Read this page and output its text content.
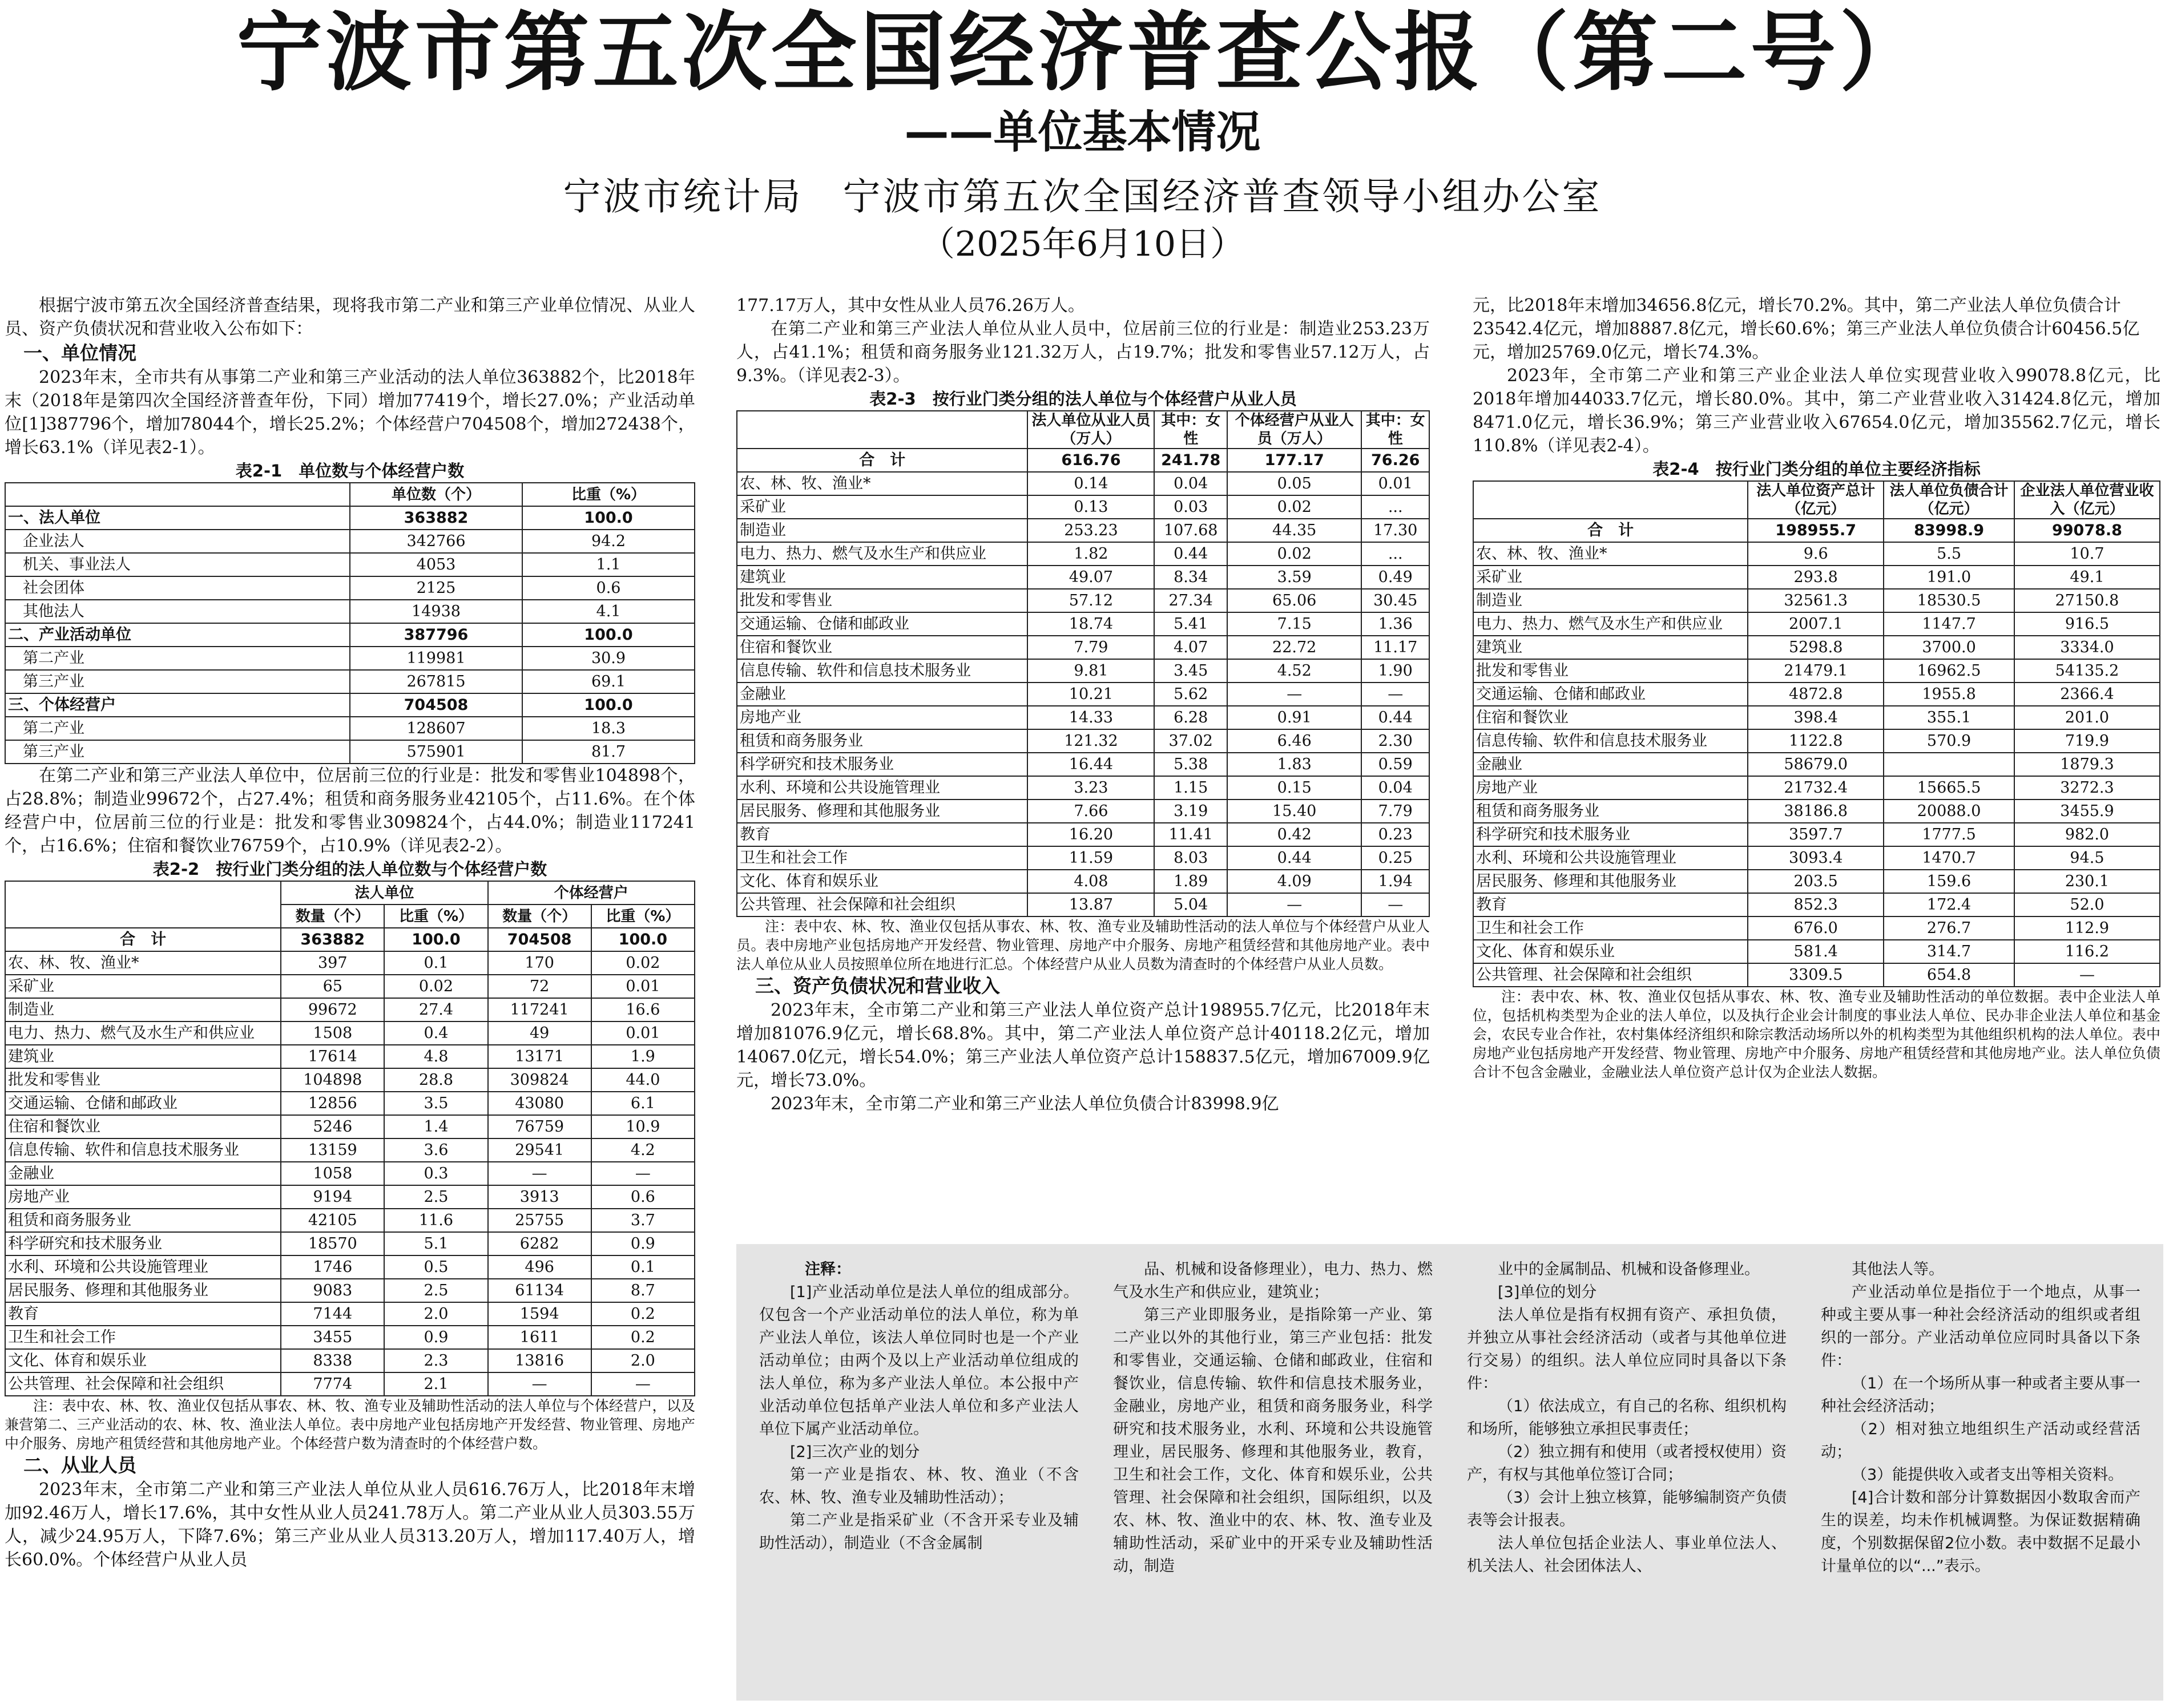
宁波市第五次全国经济普查公报（第二号）
——单位基本情况
宁波市统计局　宁波市第五次全国经济普查领导小组办公室
（2025年6月10日）

根据宁波市第五次全国经济普查结果，现将我市第二产业和第三产业单位情况、从业人员、资产负债状况和营业收入公布如下：

一、单位情况

2023年末，全市共有从事第二产业和第三产业活动的法人单位363882个，比2018年末（2018年是第四次全国经济普查年份，下同）增加77419个，增长27.0%；产业活动单位[1]387796个，增加78044个，增长25.2%；个体经营户704508个，增加272438个，增长63.1%（详见表2-1）。

表2-1　单位数与个体经营户数

	单位数（个）	比重（%）
一、法人单位	363882	100.0
企业法人	342766	94.2
机关、事业法人	4053	1.1
社会团体	2125	0.6
其他法人	14938	4.1
二、产业活动单位	387796	100.0
第二产业	119981	30.9
第三产业	267815	69.1
三、个体经营户	704508	100.0
第二产业	128607	18.3
第三产业	575901	81.7

在第二产业和第三产业法人单位中，位居前三位的行业是：批发和零售业104898个，占28.8%；制造业99672个，占27.4%；租赁和商务服务业42105个，占11.6%。在个体经营户中，位居前三位的行业是：批发和零售业309824个，占44.0%；制造业117241个，占16.6%；住宿和餐饮业76759个，占10.9%（详见表2-2）。

表2-2　按行业门类分组的法人单位数与个体经营户数

	法人单位		个体经营户	
	数量（个）	比重（%）	数量（个）	比重（%）
合　计	363882	100.0	704508	100.0
农、林、牧、渔业*	397	0.1	170	0.02
采矿业	65	0.02	72	0.01
制造业	99672	27.4	117241	16.6
电力、热力、燃气及水生产和供应业	1508	0.4	49	0.01
建筑业	17614	4.8	13171	1.9
批发和零售业	104898	28.8	309824	44.0
交通运输、仓储和邮政业	12856	3.5	43080	6.1
住宿和餐饮业	5246	1.4	76759	10.9
信息传输、软件和信息技术服务业	13159	3.6	29541	4.2
金融业	1058	0.3	—	—
房地产业	9194	2.5	3913	0.6
租赁和商务服务业	42105	11.6	25755	3.7
科学研究和技术服务业	18570	5.1	6282	0.9
水利、环境和公共设施管理业	1746	0.5	496	0.1
居民服务、修理和其他服务业	9083	2.5	61134	8.7
教育	7144	2.0	1594	0.2
卫生和社会工作	3455	0.9	1611	0.2
文化、体育和娱乐业	8338	2.3	13816	2.0
公共管理、社会保障和社会组织	7774	2.1	—	—

注：表中农、林、牧、渔业仅包括从事农、林、牧、渔专业及辅助性活动的法人单位与个体经营户，以及兼营第二、三产业活动的农、林、牧、渔业法人单位。表中房地产业包括房地产开发经营、物业管理、房地产中介服务、房地产租赁经营和其他房地产业。个体经营户数为清查时的个体经营户数。

二、从业人员

2023年末，全市第二产业和第三产业法人单位从业人员616.76万人，比2018年末增加92.46万人，增长17.6%，其中女性从业人员241.78万人。第二产业从业人员303.55万人，减少24.95万人，下降7.6%；第三产业从业人员313.20万人，增加117.40万人，增长60.0%。个体经营户从业人员

177.17万人，其中女性从业人员76.26万人。

在第二产业和第三产业法人单位从业人员中，位居前三位的行业是：制造业253.23万人，占41.1%；租赁和商务服务业121.32万人，占19.7%；批发和零售业57.12万人，占9.3%。（详见表2-3）。

表2-3　按行业门类分组的法人单位与个体经营户从业人员

	法人单位从业人员（万人）	其中：女性	个体经营户从业人员（万人）	其中：女性
合　计	616.76	241.78	177.17	76.26
农、林、牧、渔业*	0.14	0.04	0.05	0.01
采矿业	0.13	0.03	0.02	...
制造业	253.23	107.68	44.35	17.30
电力、热力、燃气及水生产和供应业	1.82	0.44	0.02	...
建筑业	49.07	8.34	3.59	0.49
批发和零售业	57.12	27.34	65.06	30.45
交通运输、仓储和邮政业	18.74	5.41	7.15	1.36
住宿和餐饮业	7.79	4.07	22.72	11.17
信息传输、软件和信息技术服务业	9.81	3.45	4.52	1.90
金融业	10.21	5.62	—	—
房地产业	14.33	6.28	0.91	0.44
租赁和商务服务业	121.32	37.02	6.46	2.30
科学研究和技术服务业	16.44	5.38	1.83	0.59
水利、环境和公共设施管理业	3.23	1.15	0.15	0.04
居民服务、修理和其他服务业	7.66	3.19	15.40	7.79
教育	16.20	11.41	0.42	0.23
卫生和社会工作	11.59	8.03	0.44	0.25
文化、体育和娱乐业	4.08	1.89	4.09	1.94
公共管理、社会保障和社会组织	13.87	5.04	—	—

注：表中农、林、牧、渔业仅包括从事农、林、牧、渔专业及辅助性活动的法人单位与个体经营户从业人员。表中房地产业包括房地产开发经营、物业管理、房地产中介服务、房地产租赁经营和其他房地产业。表中法人单位从业人员按照单位所在地进行汇总。个体经营户从业人员数为清查时的个体经营户从业人员数。

三、资产负债状况和营业收入

2023年末，全市第二产业和第三产业法人单位资产总计198955.7亿元，比2018年末增加81076.9亿元，增长68.8%。其中，第二产业法人单位资产总计40118.2亿元，增加14067.0亿元，增长54.0%；第三产业法人单位资产总计158837.5亿元，增加67009.9亿元，增长73.0%。

2023年末，全市第二产业和第三产业法人单位负债合计83998.9亿

元，比2018年末增加34656.8亿元，增长70.2%。其中，第二产业法人单位负债合计23542.4亿元，增加8887.8亿元，增长60.6%；第三产业法人单位负债合计60456.5亿元，增加25769.0亿元，增长74.3%。

2023年，全市第二产业和第三产业企业法人单位实现营业收入99078.8亿元，比2018年增加44033.7亿元，增长80.0%。其中，第二产业营业收入31424.8亿元，增加8471.0亿元，增长36.9%；第三产业营业收入67654.0亿元，增加35562.7亿元，增长110.8%（详见表2-4）。

表2-4　按行业门类分组的单位主要经济指标

	法人单位资产总计（亿元）	法人单位负债合计（亿元）	企业法人单位营业收入（亿元）
合　计	198955.7	83998.9	99078.8
农、林、牧、渔业*	9.6	5.5	10.7
采矿业	293.8	191.0	49.1
制造业	32561.3	18530.5	27150.8
电力、热力、燃气及水生产和供应业	2007.1	1147.7	916.5
建筑业	5298.8	3700.0	3334.0
批发和零售业	21479.1	16962.5	54135.2
交通运输、仓储和邮政业	4872.8	1955.8	2366.4
住宿和餐饮业	398.4	355.1	201.0
信息传输、软件和信息技术服务业	1122.8	570.9	719.9
金融业	58679.0		1879.3
房地产业	21732.4	15665.5	3272.3
租赁和商务服务业	38186.8	20088.0	3455.9
科学研究和技术服务业	3597.7	1777.5	982.0
水利、环境和公共设施管理业	3093.4	1470.7	94.5
居民服务、修理和其他服务业	203.5	159.6	230.1
教育	852.3	172.4	52.0
卫生和社会工作	676.0	276.7	112.9
文化、体育和娱乐业	581.4	314.7	116.2
公共管理、社会保障和社会组织	3309.5	654.8	—

注：表中农、林、牧、渔业仅包括从事农、林、牧、渔专业及辅助性活动的单位数据。表中企业法人单位，包括机构类型为企业的法人单位，以及执行企业会计制度的事业法人单位、民办非企业法人单位和基金会，农民专业合作社，农村集体经济组织和除宗教活动场所以外的机构类型为其他组织机构的法人单位。表中房地产业包括房地产开发经营、物业管理、房地产中介服务、房地产租赁经营和其他房地产业。法人单位负债合计不包含金融业，金融业法人单位资产总计仅为企业法人数据。

注释：

[1]产业活动单位是法人单位的组成部分。仅包含一个产业活动单位的法人单位，称为单产业法人单位，该法人单位同时也是一个产业活动单位；由两个及以上产业活动单位组成的法人单位，称为多产业法人单位。本公报中产业活动单位包括单产业法人单位和多产业法人单位下属产业活动单位。

[2]三次产业的划分

第一产业是指农、林、牧、渔业（不含农、林、牧、渔专业及辅助性活动）；

第二产业是指采矿业（不含开采专业及辅助性活动），制造业（不含金属制

品、机械和设备修理业），电力、热力、燃气及水生产和供应业，建筑业；

第三产业即服务业，是指除第一产业、第二产业以外的其他行业，第三产业包括：批发和零售业，交通运输、仓储和邮政业，住宿和餐饮业，信息传输、软件和信息技术服务业，金融业，房地产业，租赁和商务服务业，科学研究和技术服务业，水利、环境和公共设施管理业，居民服务、修理和其他服务业，教育，卫生和社会工作，文化、体育和娱乐业，公共管理、社会保障和社会组织，国际组织，以及农、林、牧、渔业中的农、林、牧、渔专业及辅助性活动，采矿业中的开采专业及辅助性活动，制造

业中的金属制品、机械和设备修理业。

[3]单位的划分

法人单位是指有权拥有资产、承担负债，并独立从事社会经济活动（或者与其他单位进行交易）的组织。法人单位应同时具备以下条件：

（1）依法成立，有自己的名称、组织机构和场所，能够独立承担民事责任；

（2）独立拥有和使用（或者授权使用）资产，有权与其他单位签订合同；

（3）会计上独立核算，能够编制资产负债表等会计报表。

法人单位包括企业法人、事业单位法人、机关法人、社会团体法人、

其他法人等。

产业活动单位是指位于一个地点，从事一种或主要从事一种社会经济活动的组织或者组织的一部分。产业活动单位应同时具备以下条件：

（1）在一个场所从事一种或者主要从事一种社会经济活动；

（2）相对独立地组织生产活动或经营活动；

（3）能提供收入或者支出等相关资料。

[4]合计数和部分计算数据因小数取舍而产生的误差，均未作机械调整。为保证数据精确度，个别数据保留2位小数。表中数据不足最小计量单位的以“...”表示。
